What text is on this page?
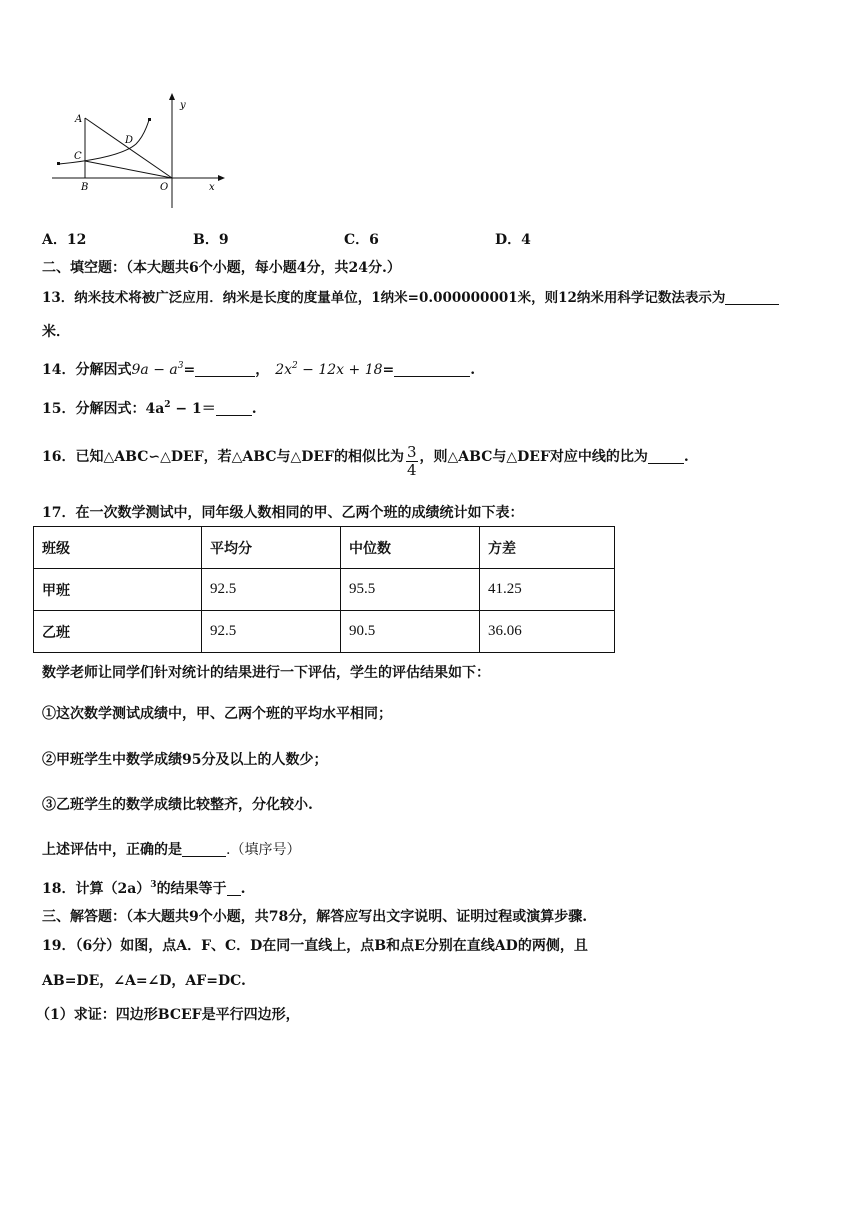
A
B
C
D
O	x
y
A．12	B．9	C．6	D．4
二、填空题：（本大题共6个小题，每小题4分，共24分.）
13．纳米技术将被广泛应用．纳米是长度的度量单位，1纳米=0.000000001米，则12纳米用科学记数法表示为
米．
14．分解因式$9a - a^3=$	， $2x^2 - 12x + 18=$	.
15．分解因式：$4a^2 - 1=$	.
16．已知△ABC∽△DEF，若△ABC与△DEF的相似比为 $\frac{3}{4}$ ，则△ABC与△DEF对应中线的比为	.
17．在一次数学测试中，同年级人数相同的甲、乙两个班的成绩统计如下表：
班级	平均分	中位数	方差
甲班	92.5	95.5	41.25
乙班	92.5	90.5	36.06
数学老师让同学们针对统计的结果进行一下评估，学生的评估结果如下：
①这次数学测试成绩中，甲、乙两个班的平均水平相同；
②甲班学生中数学成绩95分及以上的人数少；
③乙班学生的数学成绩比较整齐，分化较小.
上述评估中，正确的是	.（填序号）
18．计算$(2a)^3$的结果等于 .
三、解答题：（本大题共9个小题，共78分，解答应写出文字说明、证明过程或演算步骤.
19．（6分）如图，点A．F、C．D在同一直线上，点B和点E分别在直线AD的两侧，且
AB=DE，∠A=∠D，AF=DC.
（1）求证：四边形BCEF是平行四边形，
